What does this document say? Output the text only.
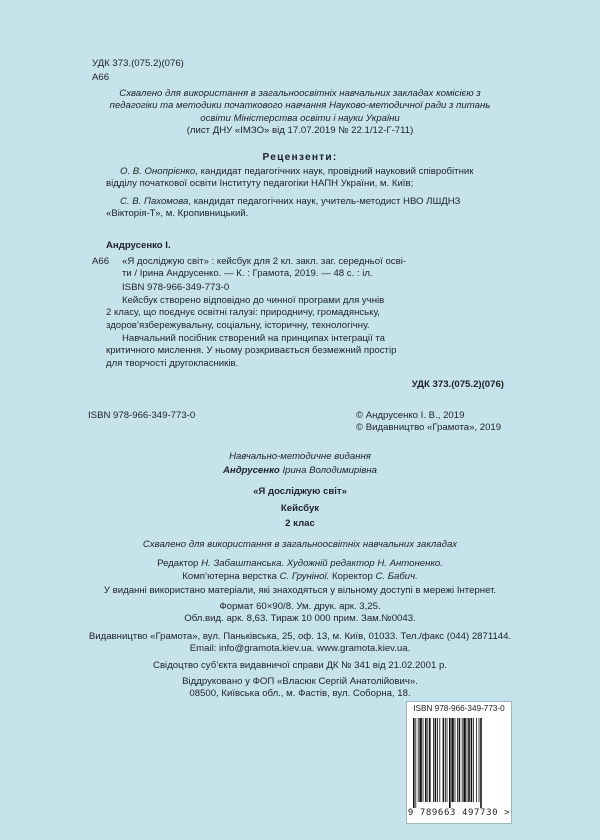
УДК 373.(075.2)(076)
А66
Схвалено для використання в загальноосвітніх навчальних закладах комісією з
педагогіки та методики початкового навчання Науково-методичної ради з питань
освіти Міністерства освіти і науки України
(лист ДНУ «ІМЗО» від 17.07.2019 № 22.1/12-Г-711)
Рецензенти:
О. В. Онопрієнко, кандидат педагогічних наук, провідний науковий співробітник
відділу початкової освіти Інституту педагогіки НАПН України, м. Київ;
С. В. Пахомова, кандидат педагогічних наук, учитель-методист НВО ЛШДНЗ
«Вікторія-Т», м. Кропивницький.
Андрусенко І.
А66 «Я досліджую світ» : кейсбук для 2 кл. закл. заг. середньої осві-
ти / Ірина Андрусенко. — К. : Грамота, 2019. — 48 с. : іл.
ISBN 978-966-349-773-0
Кейсбук створено відповідно до чинної програми для учнів
2 класу, що поєднує освітні галузі: природничу, громадянську,
здоров’язбережувальну, соціальну, історичну, технологічну.
Навчальний посібник створений на принципах інтеграції та
критичного мислення. У ньому розкривається безмежний простір
для творчості другокласників.
УДК 373.(075.2)(076)
ISBN 978-966-349-773-0	© Андрусенко І. В., 2019
© Видавництво «Грамота», 2019
Навчально-методичне видання
Андрусенко Ірина Володимирівна
«Я досліджую світ»
Кейсбук
2 клас
Схвалено для використання в загальноосвітніх навчальних закладах
Редактор Н. Забаштанська. Художній редактор Н. Антоненко.
Комп’ютерна верстка С. Груніної. Коректор С. Бабич.
У виданні використано матеріали, які знаходяться у вільному доступі в мережі Інтернет.
Формат 60×90/8. Ум. друк. арк. 3,25.
Обл.вид. арк. 8,63. Тираж 10 000 прим. Зам.№0043.
Видавництво «Грамота», вул. Паньківська, 25, оф. 13, м. Київ, 01033. Тел./факс (044) 2871144.
Email: info@gramota.kiev.ua. www.gramota.kiev.ua.
Свідоцтво суб’єкта видавничої справи ДК № 341 від 21.02.2001 р.
Віддруковано у ФОП «Власюк Сергій Анатолійович».
08500, Київська обл., м. Фастів, вул. Соборна, 18.
ISBN 978-966-349-773-0
9 789663 497730 >
